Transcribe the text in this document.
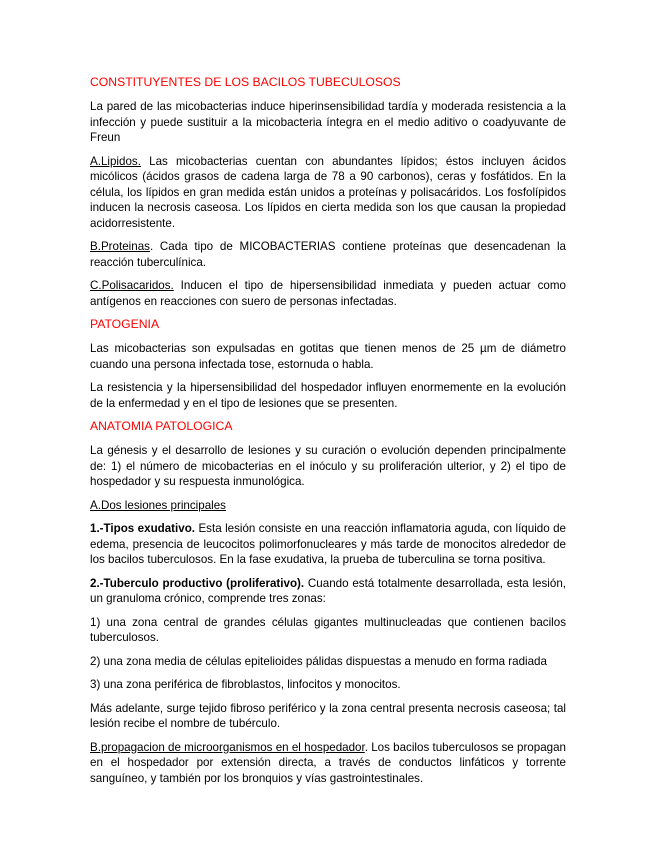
CONSTITUYENTES DE LOS BACILOS TUBECULOSOS

La pared de las micobacterias induce hiperinsensibilidad tardía y moderada resistencia a la infección y puede sustituir a la micobacteria íntegra en el medio aditivo o coadyuvante de Freun

A.Lipidos. Las micobacterias cuentan con abundantes lípidos; éstos incluyen ácidos micólicos (ácidos grasos de cadena larga de 78 a 90 carbonos), ceras y fosfátidos. En la célula, los lípidos en gran medida están unidos a proteínas y polisacáridos. Los fosfolípidos inducen la necrosis caseosa. Los lípidos en cierta medida son los que causan la propiedad acidorresistente.

B.Proteinas. Cada tipo de MICOBACTERIAS contiene proteínas que desencadenan la reacción tuberculínica.

C.Polisacaridos. Inducen el tipo de hipersensibilidad inmediata y pueden actuar como antígenos en reacciones con suero de personas infectadas.

PATOGENIA

Las micobacterias son expulsadas en gotitas que tienen menos de 25 µm de diámetro cuando una persona infectada tose, estornuda o habla.

La resistencia y la hipersensibilidad del hospedador influyen enormemente en la evolución de la enfermedad y en el tipo de lesiones que se presenten.

ANATOMIA PATOLOGICA

La génesis y el desarrollo de lesiones y su curación o evolución dependen principalmente de: 1) el número de micobacterias en el inóculo y su proliferación ulterior, y 2) el tipo de hospedador y su respuesta inmunológica.

A.Dos lesiones principales

1.-Tipos exudativo. Esta lesión consiste en una reacción inflamatoria aguda, con líquido de edema, presencia de leucocitos polimorfonucleares y más tarde de monocitos alrededor de los bacilos tuberculosos. En la fase exudativa, la prueba de tuberculina se torna positiva.

2.-Tuberculo productivo (proliferativo). Cuando está totalmente desarrollada, esta lesión, un granuloma crónico, comprende tres zonas:

1) una zona central de grandes células gigantes multinucleadas que contienen bacilos tuberculosos.

2) una zona media de células epitelioides pálidas dispuestas a menudo en forma radiada

3) una zona periférica de fibroblastos, linfocitos y monocitos.

Más adelante, surge tejido fibroso periférico y la zona central presenta necrosis caseosa; tal lesión recibe el nombre de tubérculo.

B.propagacion de microorganismos en el hospedador. Los bacilos tuberculosos se propagan en el hospedador por extensión directa, a través de conductos linfáticos y torrente sanguíneo, y también por los bronquios y vías gastrointestinales.
